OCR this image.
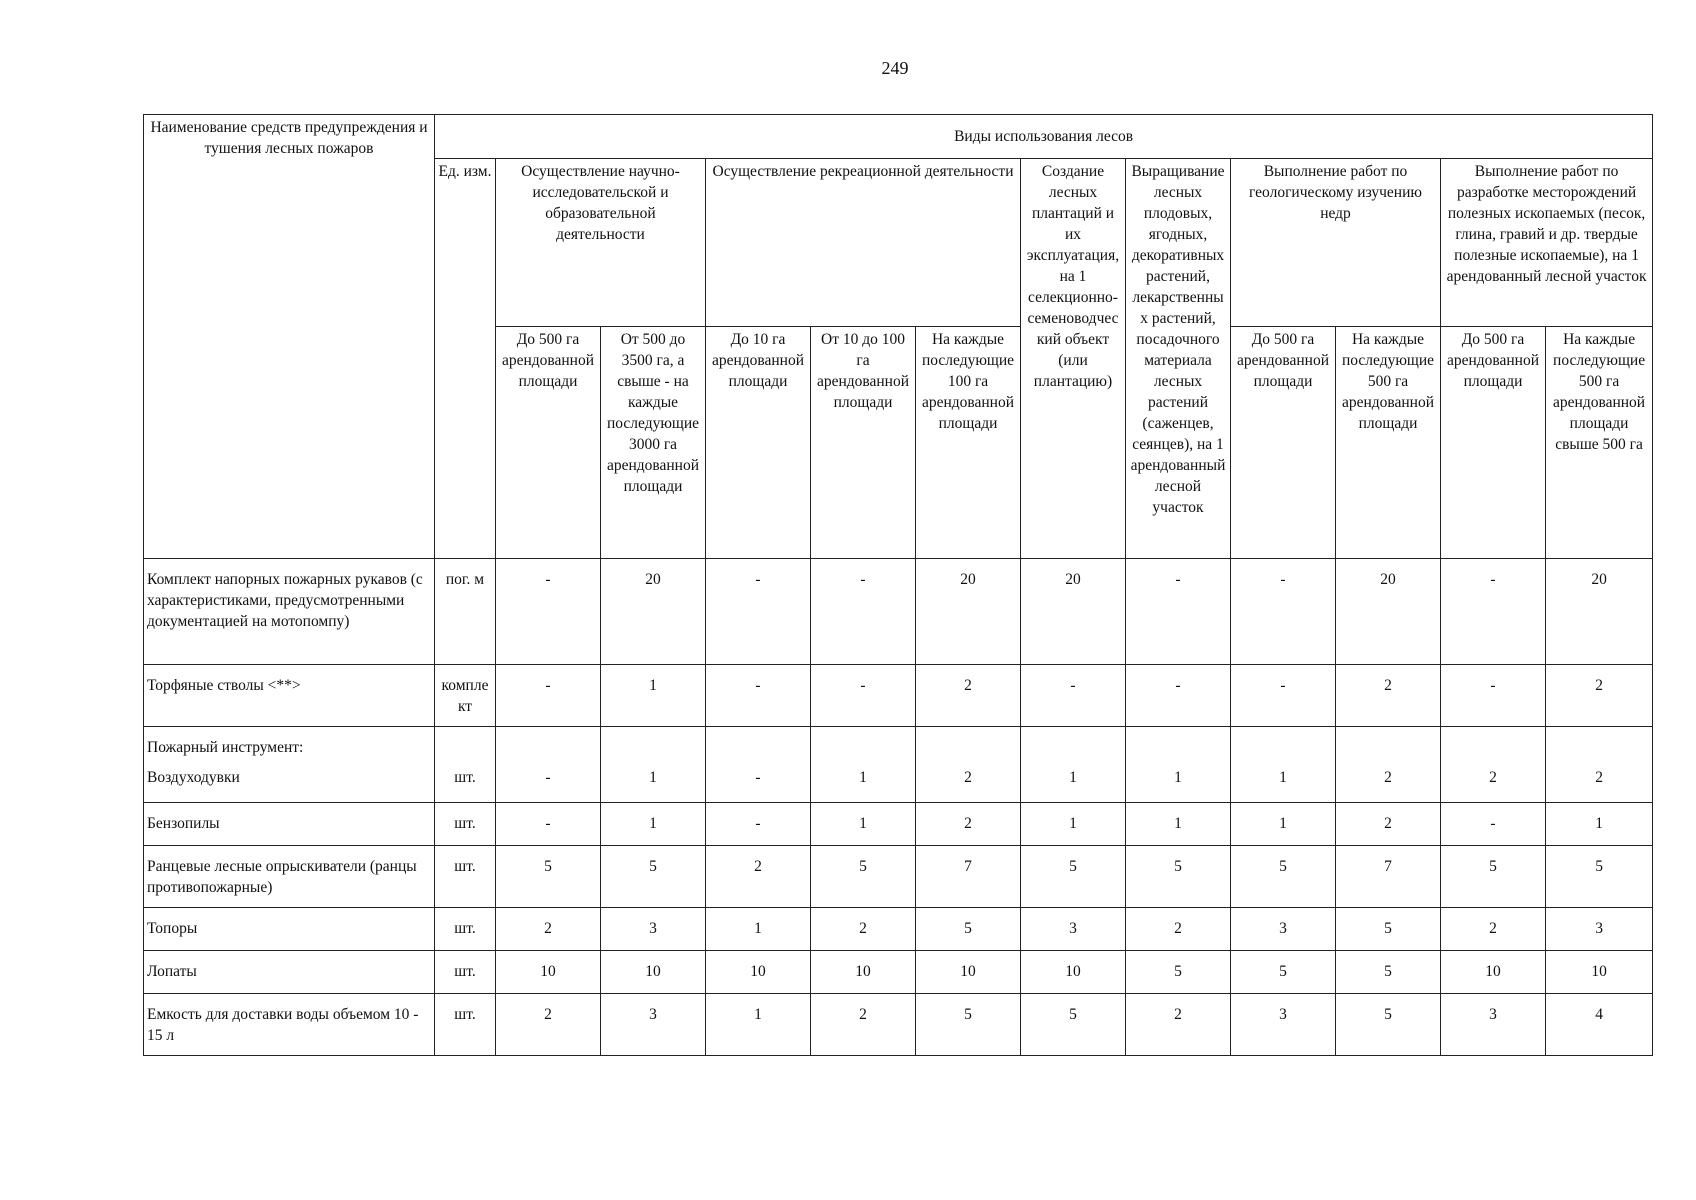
249
Наименование средств предупреждения и тушения лесных пожаров	Виды использования лесов											
	Ед. изм.	Осуществление научно-исследовательской и образовательной деятельности		Осуществление рекреационной деятельности			Создание лесных плантаций и их эксплуатация, на 1 селекционно-семеноводческий объект (или плантацию)	Выращивание лесных плодовых, ягодных, декоративных растений, лекарственных растений, посадочного материала лесных растений (саженцев, сеянцев), на 1 арендованный лесной участок	Выполнение работ по геологическому изучению недр		Выполнение работ по разработке месторождений полезных ископаемых (песок, глина, гравий и др. твердые полезные ископаемые), на 1 арендованный лесной участок	
		До 500 га арендованной площади	От 500 до 3500 га, а свыше - на каждые последующие 3000 га арендованной площади	До 10 га арендованной площади	От 10 до 100 га арендованной площади	На каждые последующие 100 га арендованной площади			До 500 га арендованной площади	На каждые последующие 500 га арендованной площади	До 500 га арендованной площади	На каждые последующие 500 га арендованной площади свыше 500 га
Комплект напорных пожарных рукавов (с характеристиками, предусмотренными документацией на мотопомпу)	пог. м	-	20	-	-	20	20	-	-	20	-	20
Торфяные стволы <**>	комплект	-	1	-	-	2	-	-	-	2	-	2
Пожарный инструмент:												
Воздуходувки	шт.	-	1	-	1	2	1	1	1	2	2	2
Бензопилы	шт.	-	1	-	1	2	1	1	1	2	-	1
Ранцевые лесные опрыскиватели (ранцы противопожарные)	шт.	5	5	2	5	7	5	5	5	7	5	5
Топоры	шт.	2	3	1	2	5	3	2	3	5	2	3
Лопаты	шт.	10	10	10	10	10	10	5	5	5	10	10
Емкость для доставки воды объемом 10 - 15 л	шт.	2	3	1	2	5	5	2	3	5	3	4
